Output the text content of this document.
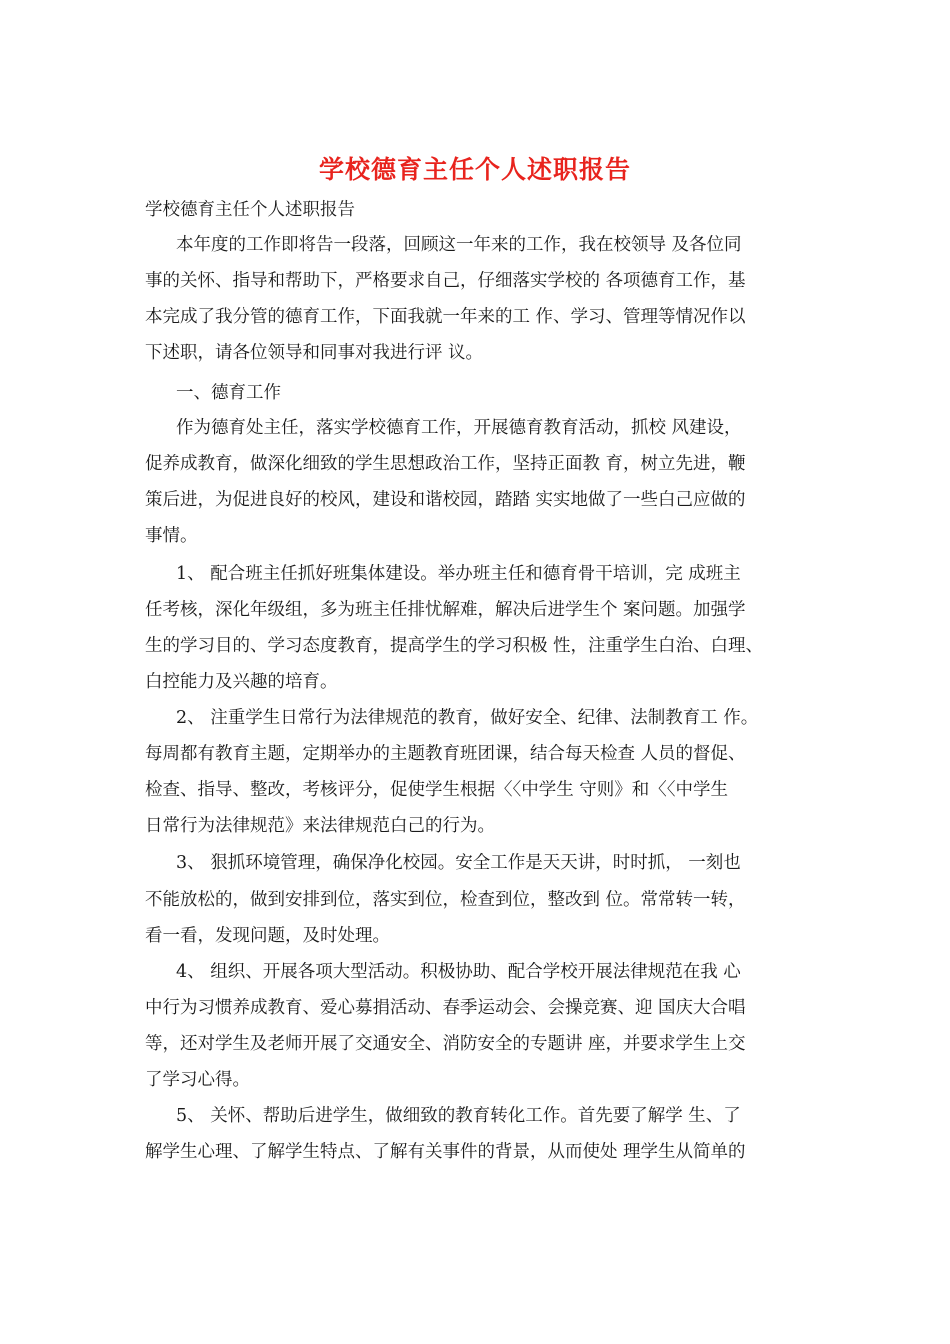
学校德育主任个人述职报告
学校德育主任个人述职报告
本年度的工作即将告一段落，回顾这一年来的工作，我在校领导 及各位同
事的关怀、指导和帮助下，严格要求自己，仔细落实学校的 各项德育工作，基
本完成了我分管的德育工作，下面我就一年来的工 作、学习、管理等情况作以
下述职，请各位领导和同事对我进行评 议。
一、德育工作
作为德育处主任，落实学校德育工作，开展德育教育活动，抓校 风建设，
促养成教育，做深化细致的学生思想政治工作，坚持正面教 育，树立先进，鞭
策后进，为促进良好的校风，建设和谐校园，踏踏 实实地做了一些白己应做的
事情。
1、 配合班主任抓好班集体建设。举办班主任和德育骨干培训，完 成班主
任考核，深化年级组，多为班主任排忧解难，解决后进学生个 案问题。加强学
生的学习目的、学习态度教育，提高学生的学习积极 性，注重学生白治、白理、
白控能力及兴趣的培育。
2、 注重学生日常行为法律规范的教育，做好安全、纪律、法制教育工 作。
每周都有教育主题，定期举办的主题教育班团课，结合每天检查 人员的督促、
检查、指导、整改，考核评分，促使学生根据〈〈中学生 守则》和〈〈中学生
日常行为法律规范》来法律规范白己的行为。
3、 狠抓环境管理，确保净化校园。安全工作是天天讲，时时抓， 一刻也
不能放松的，做到安排到位，落实到位，检查到位，整改到 位。常常转一转，
看一看，发现问题，及时处理。
4、 组织、开展各项大型活动。积极协助、配合学校开展法律规范在我 心
中行为习惯养成教育、爱心募捐活动、春季运动会、会操竞赛、迎 国庆大合唱
等，还对学生及老师开展了交通安全、消防安全的专题讲 座，并要求学生上交
了学习心得。
5、 关怀、帮助后进学生，做细致的教育转化工作。首先要了解学 生、了
解学生心理、了解学生特点、了解有关事件的背景，从而使处 理学生从简单的
